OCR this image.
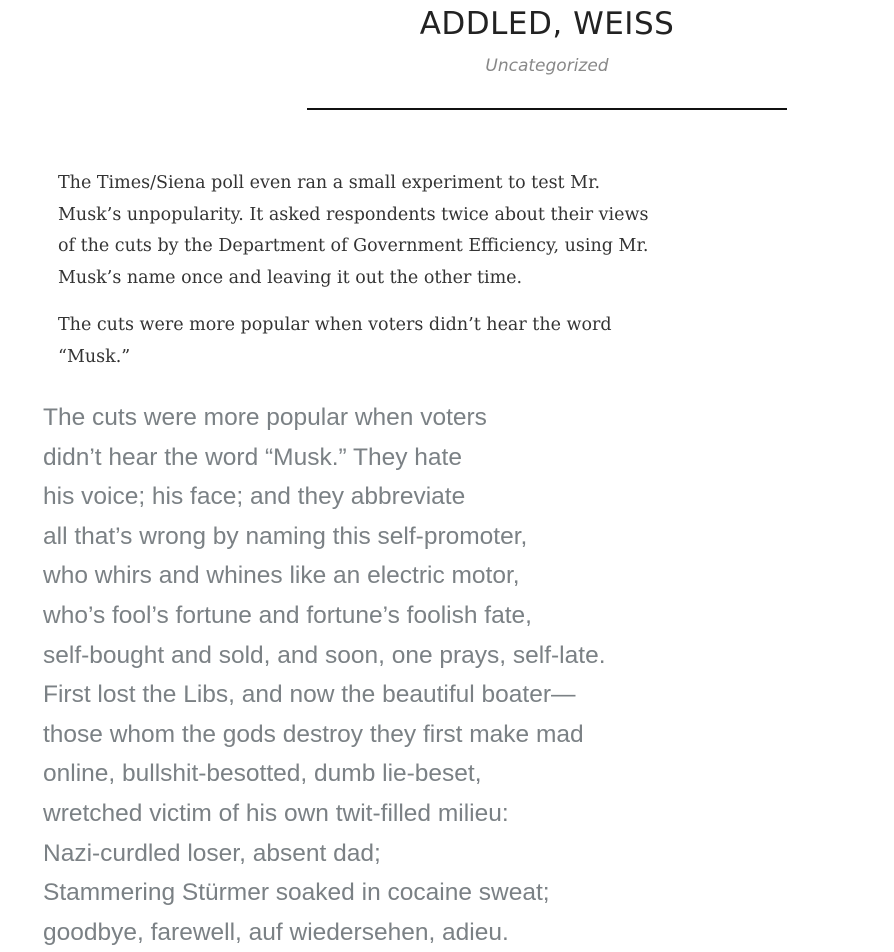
ADDLED, WEISS
Uncategorized
The Times/Siena poll even ran a small experiment to test Mr.
Musk’s unpopularity. It asked respondents twice about their views
of the cuts by the Department of Government Efficiency, using Mr.
Musk’s name once and leaving it out the other time.
The cuts were more popular when voters didn’t hear the word
“Musk.”
The cuts were more popular when voters
didn’t hear the word “Musk.” They hate
his voice; his face; and they abbreviate
all that’s wrong by naming this self-promoter,
who whirs and whines like an electric motor,
who’s fool’s fortune and fortune’s foolish fate,
self-bought and sold, and soon, one prays, self-late.
First lost the Libs, and now the beautiful boater—
those whom the gods destroy they first make mad
online, bullshit-besotted, dumb lie-beset,
wretched victim of his own twit-filled milieu:
Nazi-curdled loser, absent dad;
Stammering Stürmer soaked in cocaine sweat;
goodbye, farewell, auf wiedersehen, adieu.
